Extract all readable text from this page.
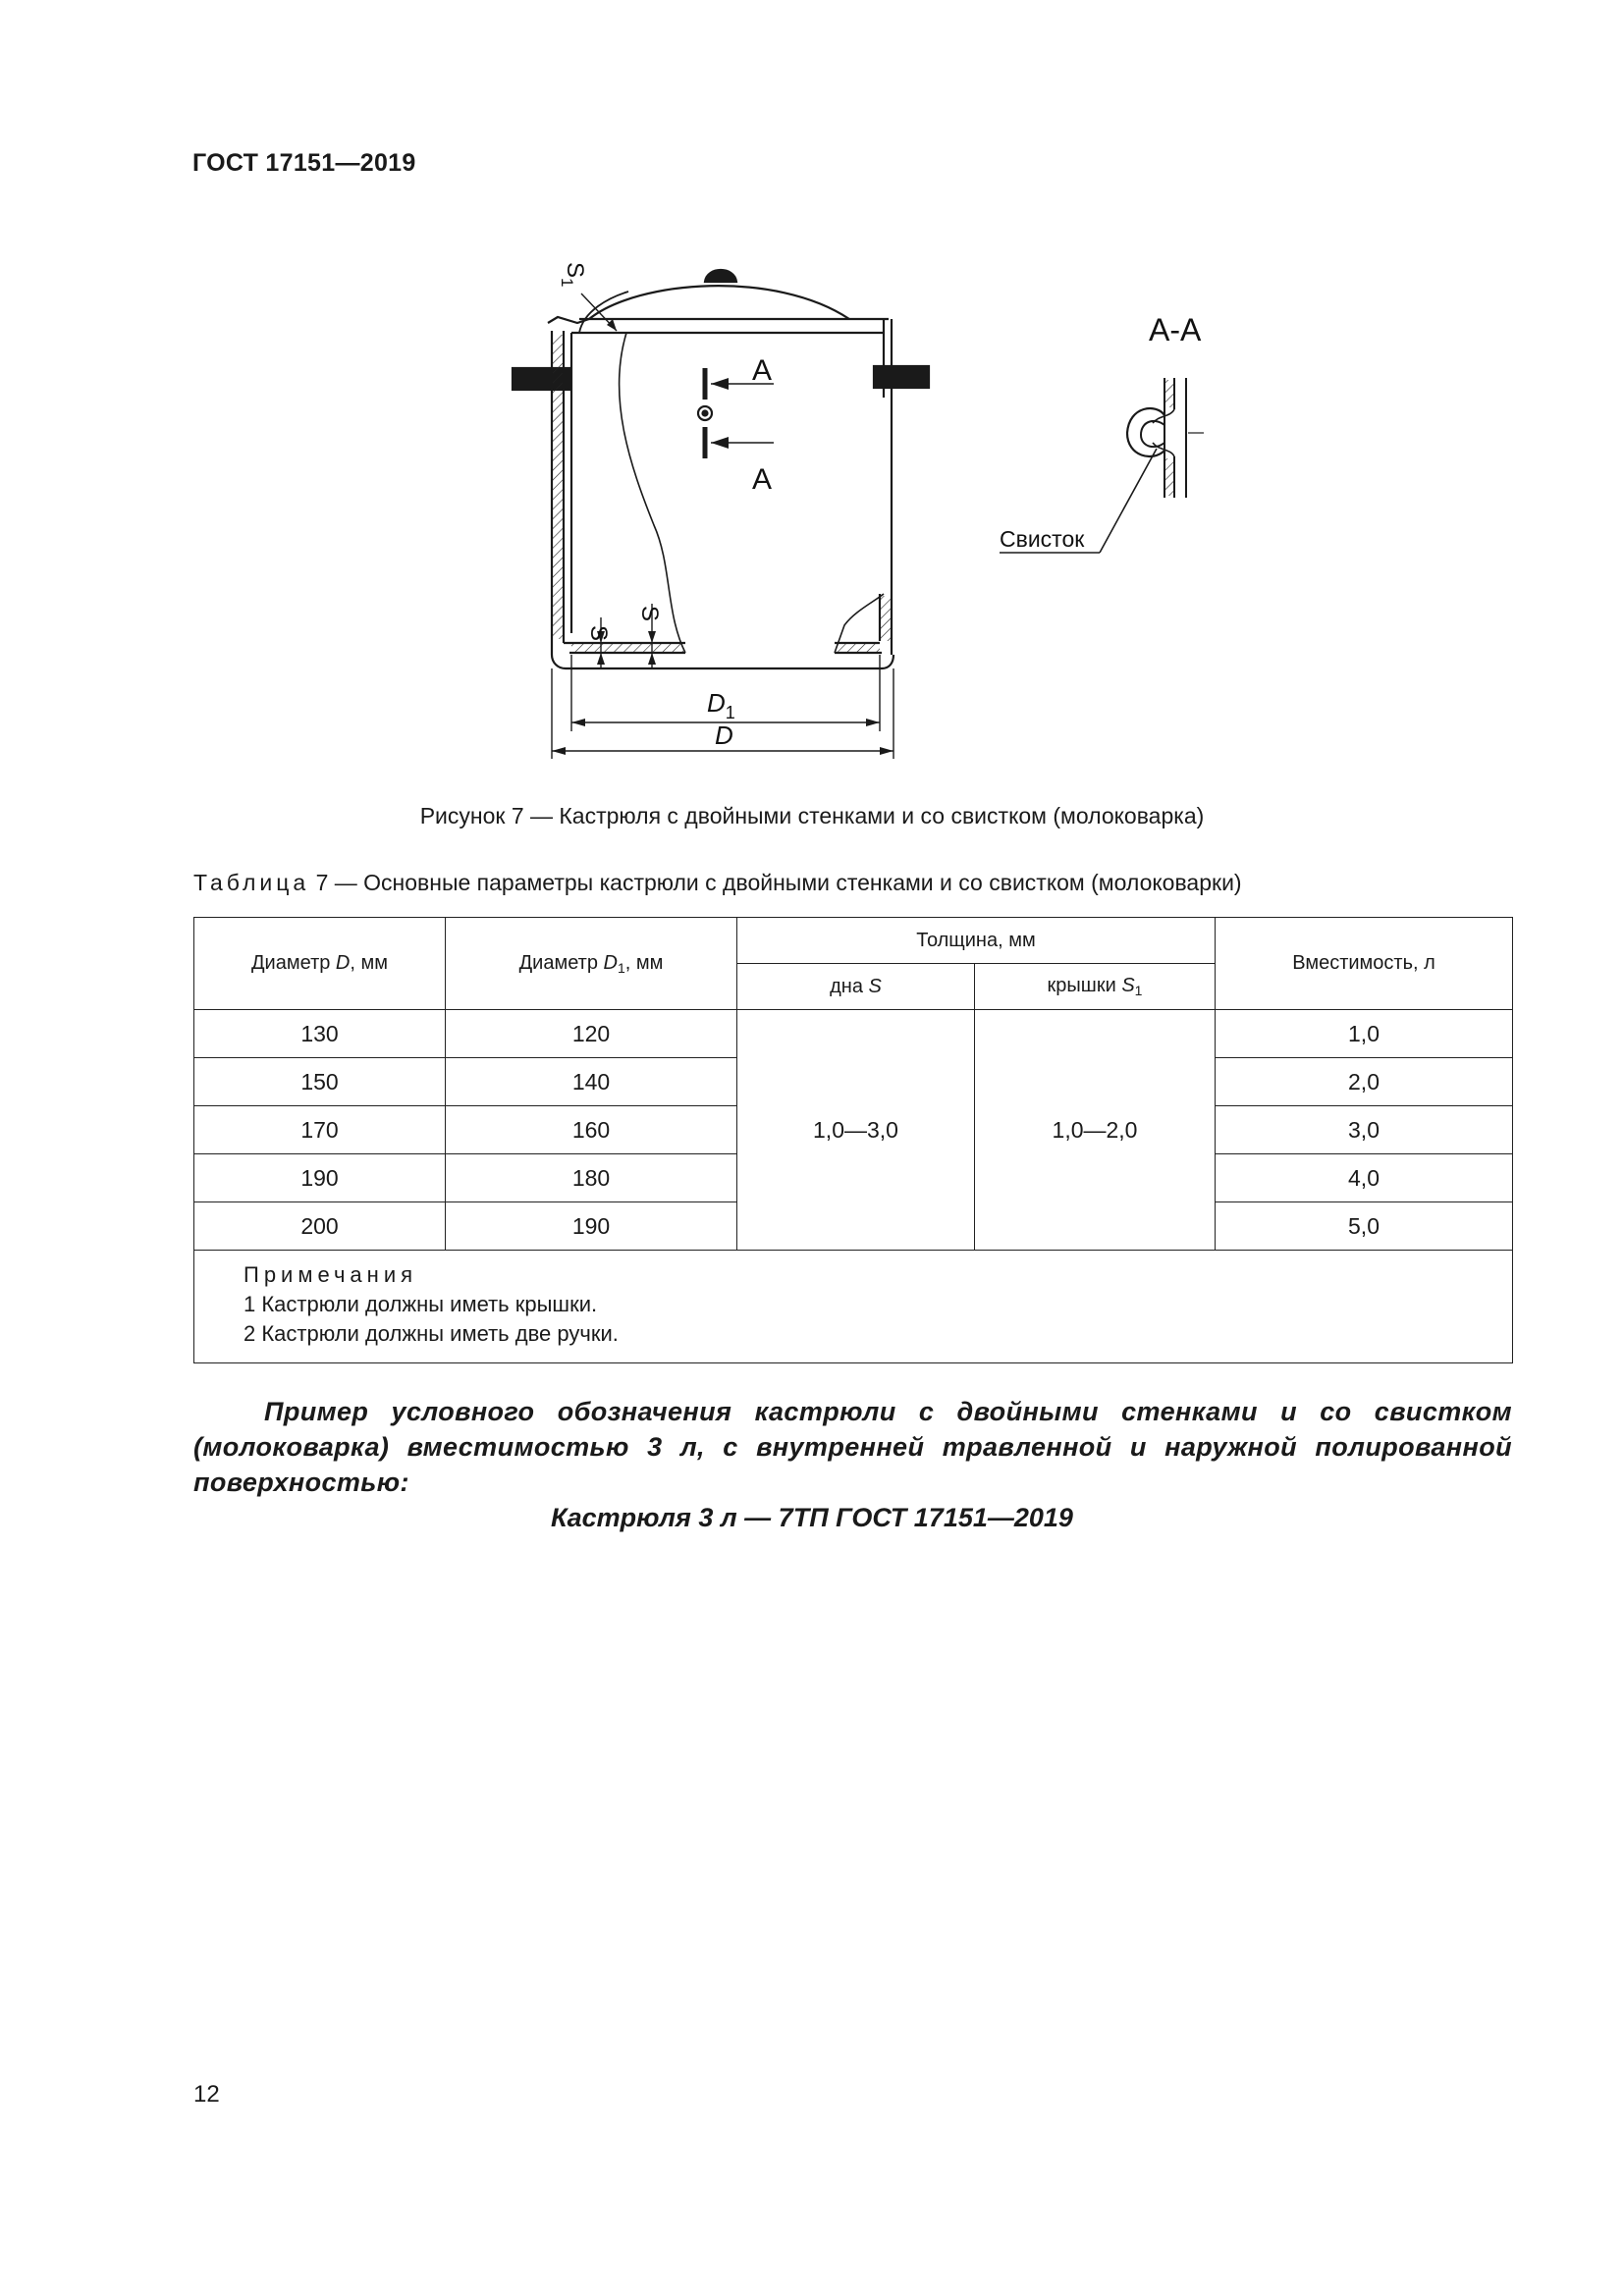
ГОСТ 17151—2019
$S_1$
A
A
S
S
$D_1$
D
А-А
Свисток
Рисунок 7 — Кастрюля с двойными стенками и со свистком (молоковарка)
Таблица 7 — Основные параметры кастрюли с двойными стенками и со свистком (молоковарки)
Диаметр D, мм	Диаметр $D_1$, мм	Толщина, мм		Вместимость, л
		дна S	крышки $S_1$
130	120	1,0—3,0	1,0—2,0	1,0
150	140			2,0
170	160			3,0
190	180			4,0
200	190			5,0

Примечания
1 Кастрюли должны иметь крышки.
2 Кастрюли должны иметь две ручки.				
Пример условного обозначения кастрюли с двойными стенками и со свистком (молоковарка) вместимостью 3 л, с внутренней травленной и наружной полированной поверхностью:
Кастрюля 3 л — 7ТП ГОСТ 17151—2019
12
